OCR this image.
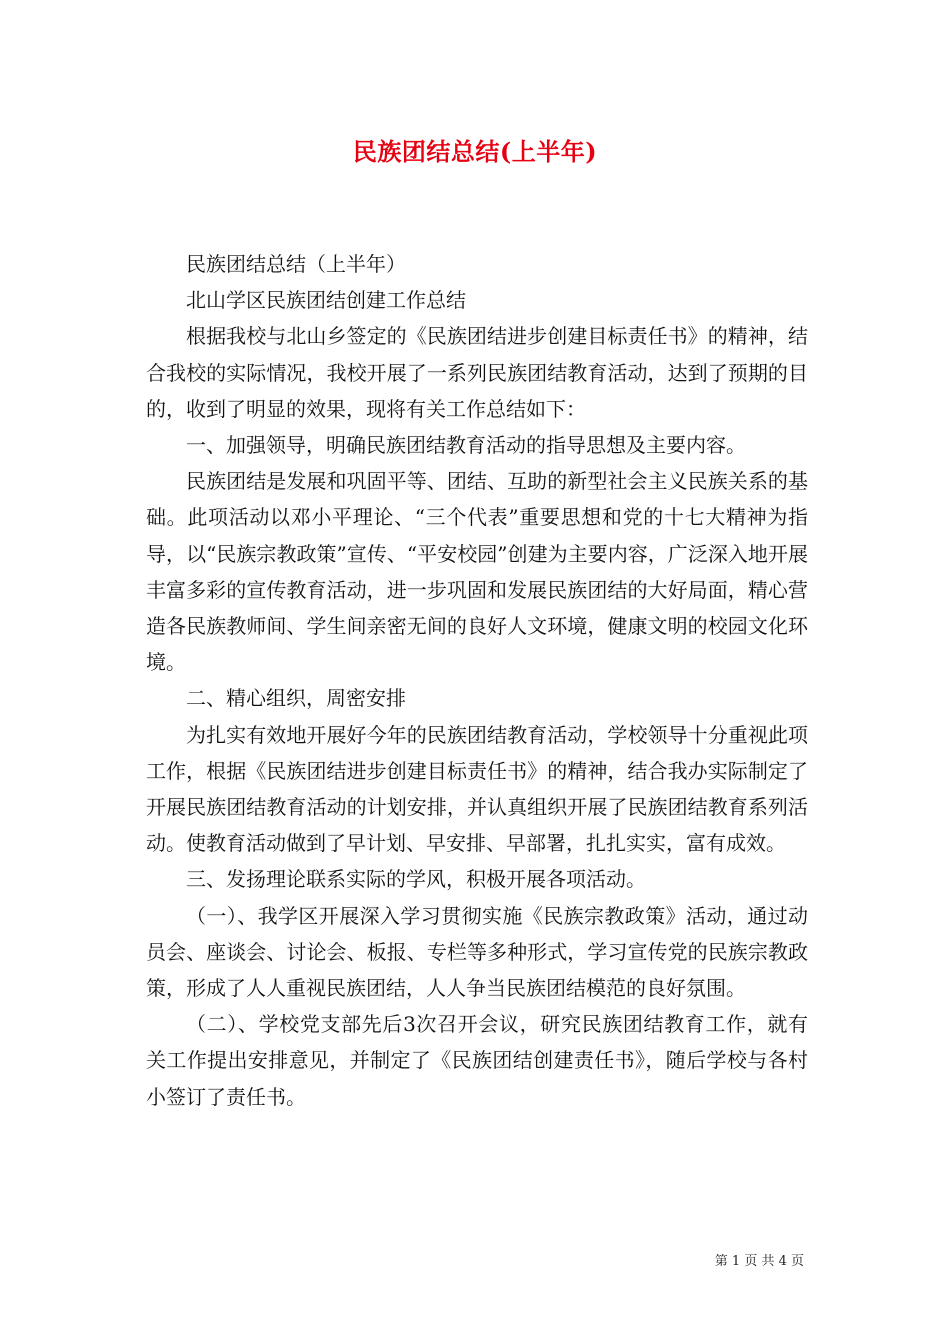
民族团结总结(上半年)

民族团结总结（上半年）

北山学区民族团结创建工作总结

根据我校与北山乡签定的《民族团结进步创建目标责任书》的精神，结合我校的实际情况，我校开展了一系列民族团结教育活动，达到了预期的目的，收到了明显的效果，现将有关工作总结如下：

一、加强领导，明确民族团结教育活动的指导思想及主要内容。

民族团结是发展和巩固平等、团结、互助的新型社会主义民族关系的基础。此项活动以邓小平理论、“三个代表”重要思想和党的十七大精神为指导，以“民族宗教政策”宣传、“平安校园”创建为主要内容，广泛深入地开展丰富多彩的宣传教育活动，进一步巩固和发展民族团结的大好局面，精心营造各民族教师间、学生间亲密无间的良好人文环境，健康文明的校园文化环境。

二、精心组织，周密安排

为扎实有效地开展好今年的民族团结教育活动，学校领导十分重视此项工作，根据《民族团结进步创建目标责任书》的精神，结合我办实际制定了开展民族团结教育活动的计划安排，并认真组织开展了民族团结教育系列活动。使教育活动做到了早计划、早安排、早部署，扎扎实实，富有成效。

三、发扬理论联系实际的学风，积极开展各项活动。

（一）、我学区开展深入学习贯彻实施《民族宗教政策》活动，通过动员会、座谈会、讨论会、板报、专栏等多种形式，学习宣传党的民族宗教政策，形成了人人重视民族团结，人人争当民族团结模范的良好氛围。

（二）、学校党支部先后3次召开会议，研究民族团结教育工作，就有关工作提出安排意见，并制定了《民族团结创建责任书》，随后学校与各村小签订了责任书。

第 1 页 共 4 页
